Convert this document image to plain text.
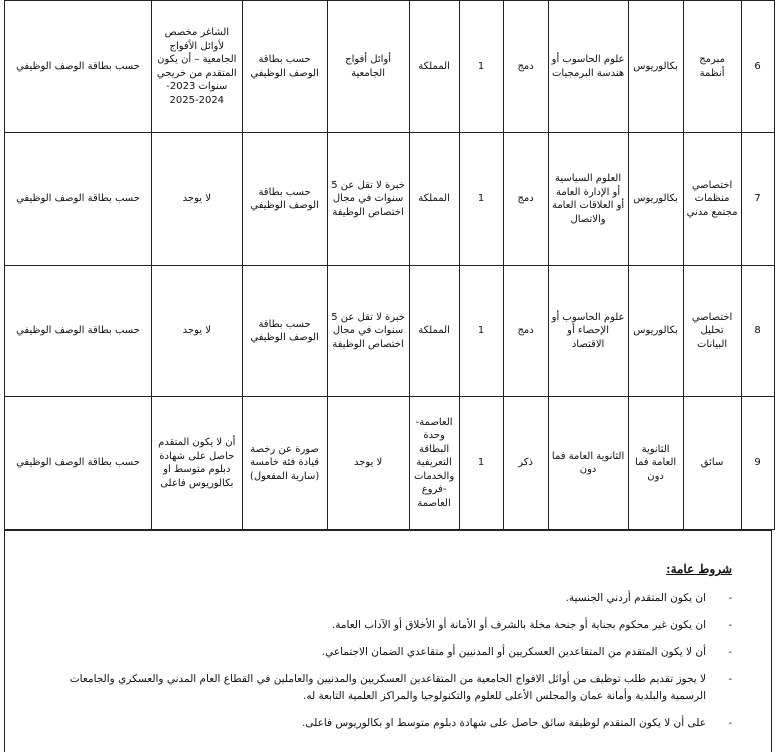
حسب بطاقة الوصف الوظيفي	الشاغر مخصص لأوائل الأفواج الجامعية – أن يكون المتقدم من خريجي سنوات 2023-2024-2025	حسب بطاقة الوصف الوظيفي	أوائل أفواج الجامعية	المملكة	1	دمج	علوم الحاسوب أو هندسة البرمجيات	بكالوريوس	مبرمج أنظمة	6
حسب بطاقة الوصف الوظيفي	لا يوجد	حسب بطاقة الوصف الوظيفي	خبرة لا تقل عن 5 سنوات في مجال اختصاص الوظيفة	المملكة	1	دمج	العلوم السياسية أو الإدارة العامة أو العلاقات العامة والاتصال	بكالوريوس	اختصاصي منظمات مجتمع مدني	7
حسب بطاقة الوصف الوظيفي	لا يوجد	حسب بطاقة الوصف الوظيفي	خبرة لا تقل عن 5 سنوات في مجال اختصاص الوظيفة	المملكة	1	دمج	علوم الحاسوب أو الإحصاء أو الاقتصاد	بكالوريوس	اختصاصي تحليل البيانات	8
حسب بطاقة الوصف الوظيفي	أن لا يكون المتقدم حاصل على شهادة دبلوم متوسط او بكالوريوس فاعلى	صورة عن رخصة قيادة فئة خامسة (سارية المفعول)	لا يوجد	العاصمة- وحدة البطاقة التعريفية والخدمات -فروع العاصمة	1	ذكر	الثانوية العامة فما دون	الثانوية العامة فما دون	سائق	9
شروط عامة:
-
ان يكون المتقدم أردني الجنسية.
-
ان يكون غير محكوم بجناية أو جنحة مخلة بالشرف أو الأمانة أو الأخلاق أو الآداب العامة.
-
أن لا يكون المتقدم من المتقاعدين العسكريين أو المدنيين أو متقاعدي الضمان الاجتماعي.
-
لا يجوز تقديم طلب توظيف من أوائل الافواج الجامعية من المتقاعدين العسكريين والمدنيين والعاملين في القطاع العام المدني والعسكري والجامعات الرسمية والبلدية وأمانة عمان والمجلس الأعلى للعلوم والتكنولوجيا والمراكز العلمية التابعة له.
-
على أن لا يكون المتقدم لوظيفة سائق حاصل على شهادة دبلوم متوسط او بكالوريوس فاعلى.
